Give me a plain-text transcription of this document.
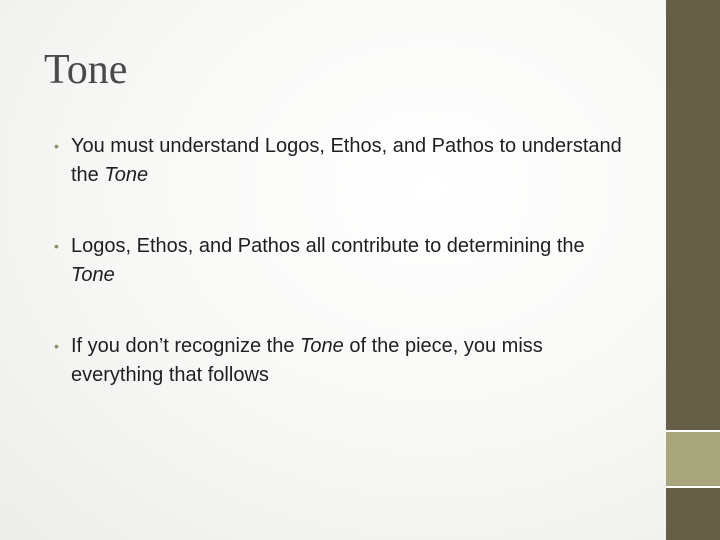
Tone
• You must understand Logos, Ethos, and Pathos to understand the Tone
• Logos, Ethos, and Pathos all contribute to determining the Tone
• If you don’t recognize the Tone of the piece, you miss everything that follows
